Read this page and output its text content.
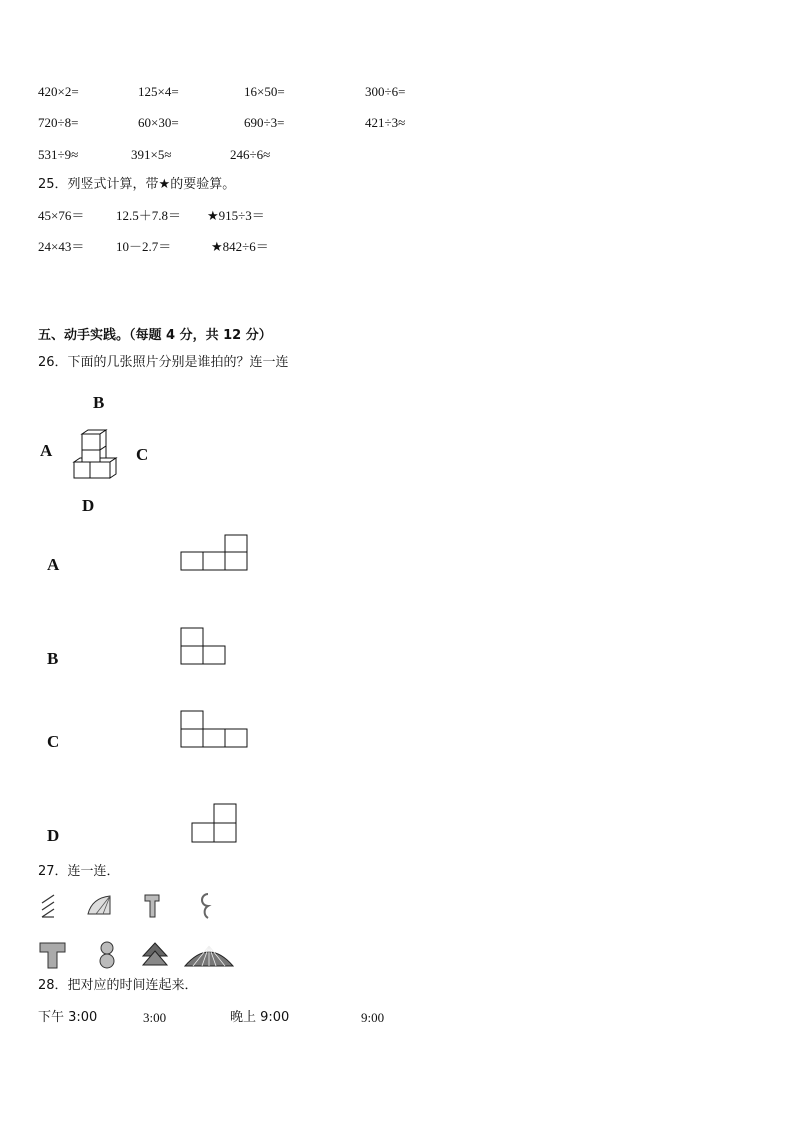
420×2=	125×4=	16×50=	300÷6=
720÷8=	60×30=	690÷3=	421÷3≈
531÷9≈	391×5≈	246÷6≈
25．列竖式计算，带★的要验算。
45×76＝ 12.5＋7.8＝ ★915÷3＝
24×43＝ 10－2.7＝	★842÷6＝
五、动手实践。（每题 4 分，共 12 分）
26．下面的几张照片分别是谁拍的？连一连
B
A	C
D
A
B
C
D
27．连一连．
28．把对应的时间连起来．
下午 3:00	3:00	晚上 9:00	9:00
